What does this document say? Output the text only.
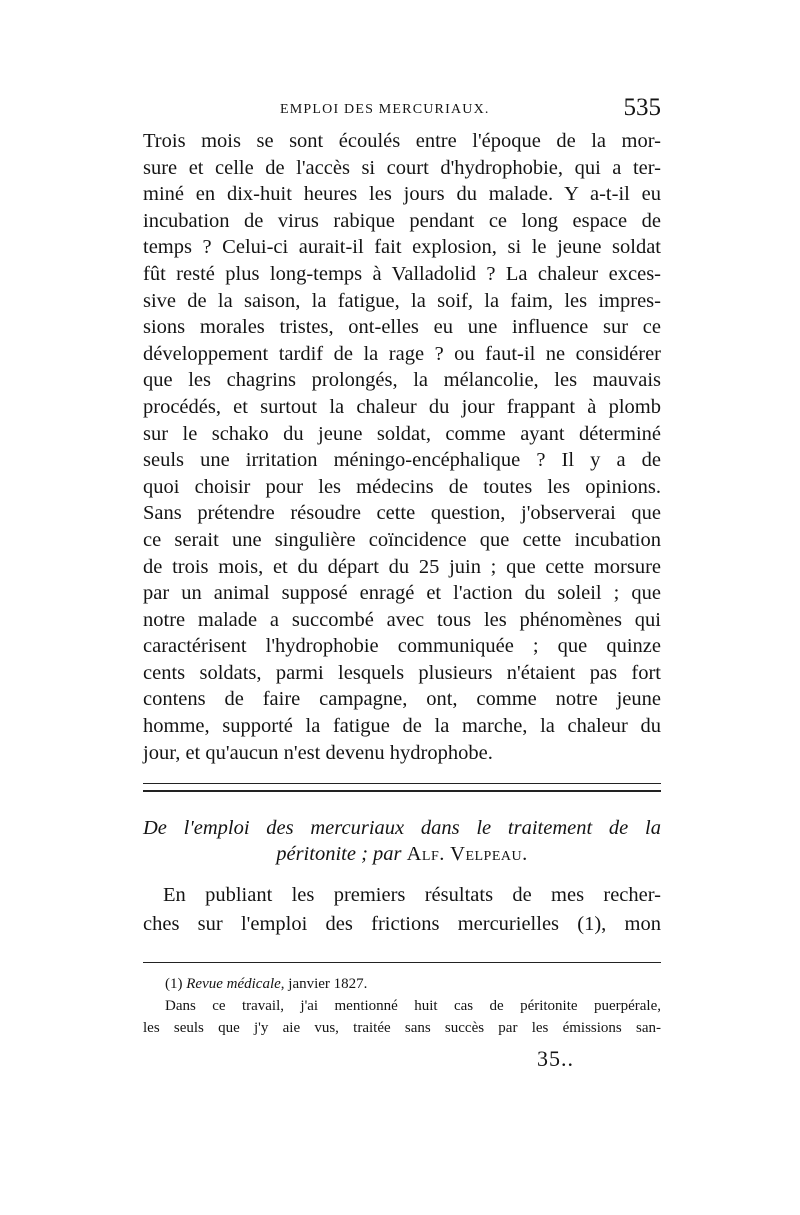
EMPLOI DES MERCURIAUX.	535
Trois mois se sont écoulés entre l'époque de la mor-
sure et celle de l'accès si court d'hydrophobie, qui a ter-
miné en dix-huit heures les jours du malade. Y a-t-il eu
incubation de virus rabique pendant ce long espace de
temps ? Celui-ci aurait-il fait explosion, si le jeune soldat
fût resté plus long-temps à Valladolid ? La chaleur exces-
sive de la saison, la fatigue, la soif, la faim, les impres-
sions morales tristes, ont-elles eu une influence sur ce
développement tardif de la rage ? ou faut-il ne considérer
que les chagrins prolongés, la mélancolie, les mauvais
procédés, et surtout la chaleur du jour frappant à plomb
sur le schako du jeune soldat, comme ayant déterminé
seuls une irritation méningo-encéphalique ? Il y a de
quoi choisir pour les médecins de toutes les opinions.
Sans prétendre résoudre cette question, j'observerai que
ce serait une singulière coïncidence que cette incubation
de trois mois, et du départ du 25 juin ; que cette morsure
par un animal supposé enragé et l'action du soleil ; que
notre malade a succombé avec tous les phénomènes qui
caractérisent l'hydrophobie communiquée ; que quinze
cents soldats, parmi lesquels plusieurs n'étaient pas fort
contens de faire campagne, ont, comme notre jeune
homme, supporté la fatigue de la marche, la chaleur du
jour, et qu'aucun n'est devenu hydrophobe.
De l'emploi des mercuriaux dans le traitement de la
péritonite ; par Alf. Velpeau.
En publiant les premiers résultats de mes recher-
ches sur l'emploi des frictions mercurielles (1), mon
(1) Revue médicale, janvier 1827.
Dans ce travail, j'ai mentionné huit cas de péritonite puerpérale,
les seuls que j'y aie vus, traitée sans succès par les émissions san-
35..
